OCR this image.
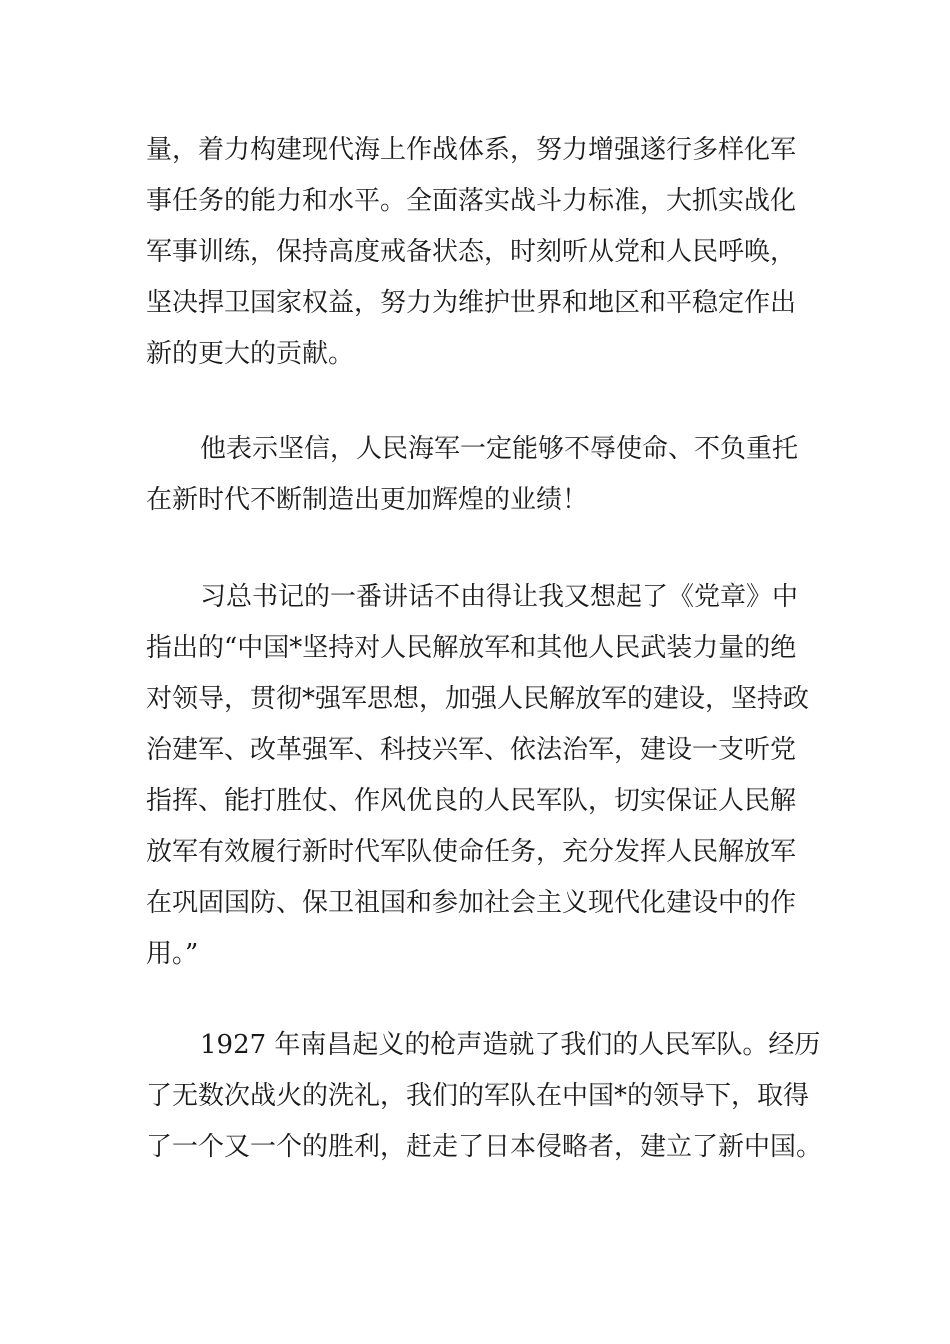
量，着力构建现代海上作战体系，努力增强遂行多样化军
事任务的能力和水平。全面落实战斗力标准，大抓实战化
军事训练，保持高度戒备状态，时刻听从党和人民呼唤，
坚决捍卫国家权益，努力为维护世界和地区和平稳定作出
新的更大的贡献。
他表示坚信，人民海军一定能够不辱使命、不负重托
在新时代不断制造出更加辉煌的业绩！
习总书记的一番讲话不由得让我又想起了《党章》中
指出的“中国*坚持对人民解放军和其他人民武装力量的绝
对领导，贯彻*强军思想，加强人民解放军的建设，坚持政
治建军、改革强军、科技兴军、依法治军，建设一支听党
指挥、能打胜仗、作风优良的人民军队，切实保证人民解
放军有效履行新时代军队使命任务，充分发挥人民解放军
在巩固国防、保卫祖国和参加社会主义现代化建设中的作
用。”
1927 年南昌起义的枪声造就了我们的人民军队。经历
了无数次战火的洗礼，我们的军队在中国*的领导下，取得
了一个又一个的胜利，赶走了日本侵略者，建立了新中国。
